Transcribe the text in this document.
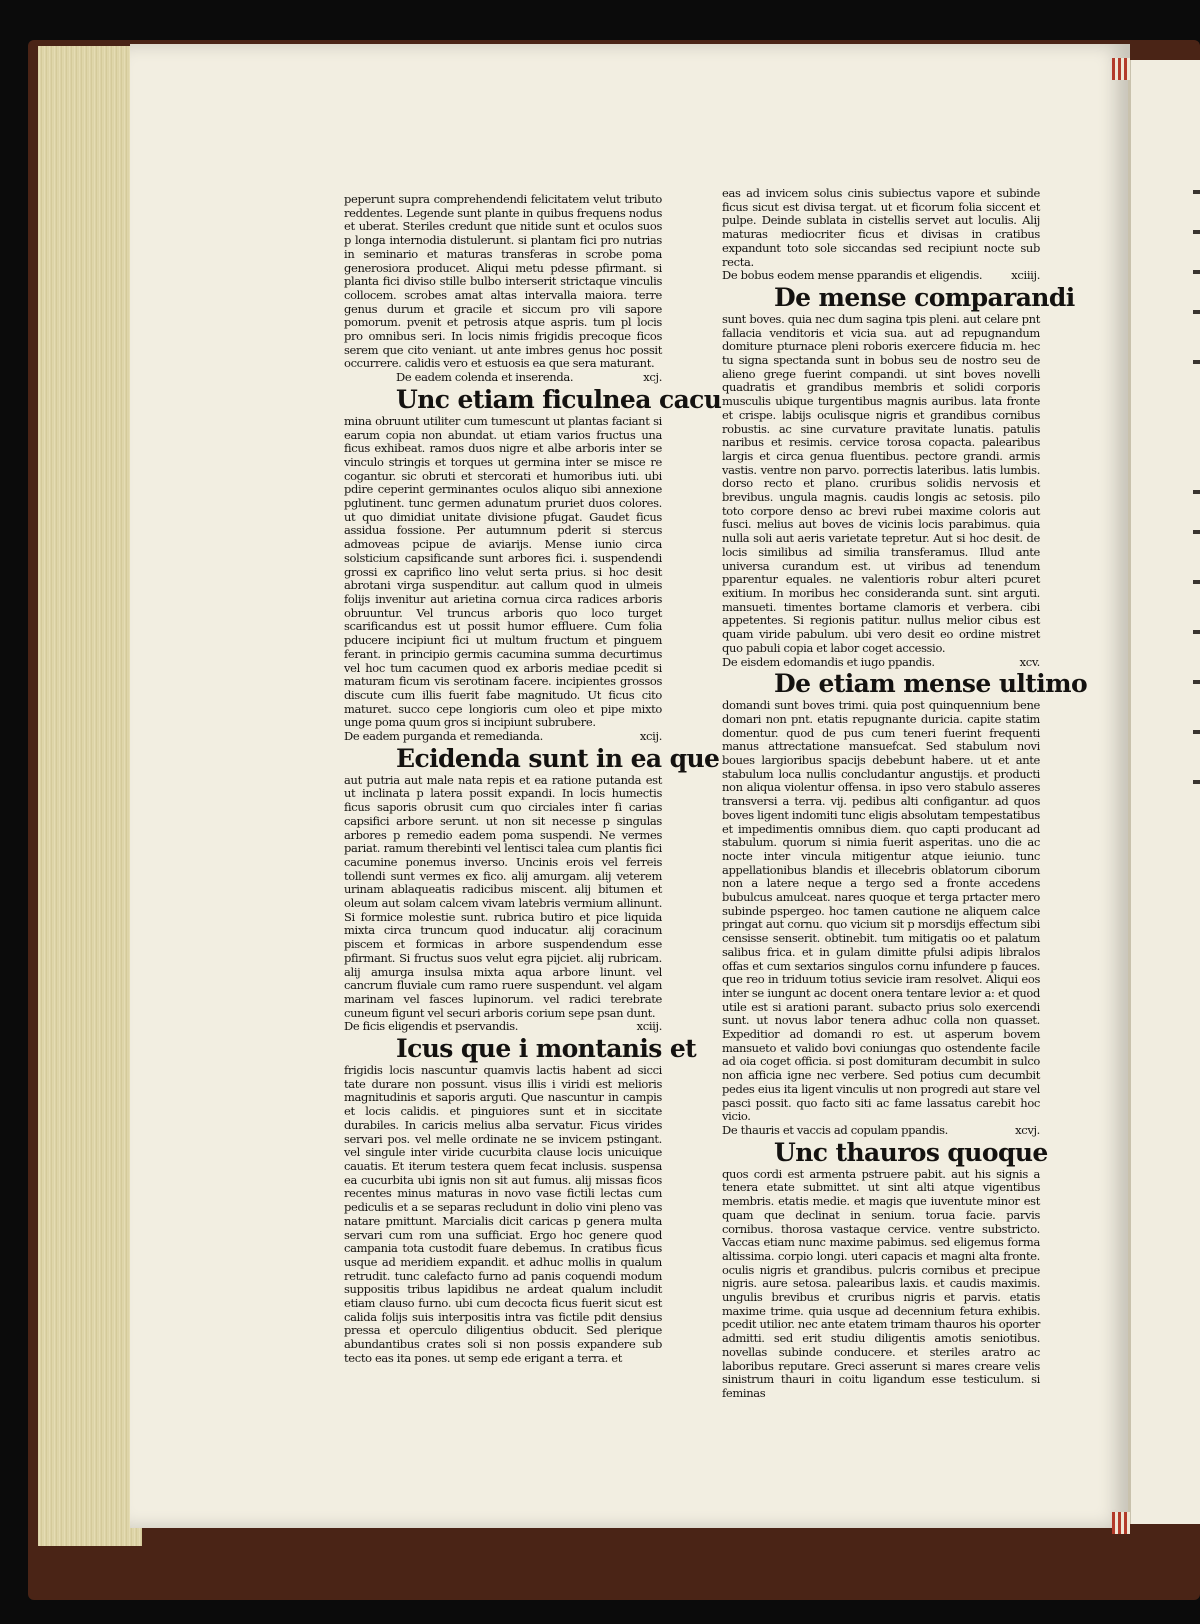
peperunt supra comprehendendi felicitatem velut tributo reddentes. Legende sunt plante in quibus frequens nodus et uberat. Steriles credunt que nitide sunt et oculos suos p longa internodia distulerunt. si plantam fici pro nutrias in seminario et maturas transferas in scrobe poma generosiora producet. Aliqui metu pdesse pfirmant. si planta fici diviso stille bulbo interserit strictaque vinculis collocem. scrobes amat altas intervalla maiora. terre genus durum et gracile et siccum pro vili sapore pomorum. pvenit et petrosis atque aspris. tum pl locis pro omnibus seri. In locis nimis frigidis precoque ficos serem que cito veniant. ut ante imbres genus hoc possit occurrere. calidis vero et estuosis ea que sera maturant.

De eadem colenda et inserenda.	xcj.

Unc etiam ficulnea cacu

mina obruunt utiliter cum tumescunt ut plantas faciant si earum copia non abundat. ut etiam varios fructus una ficus exhibeat. ramos duos nigre et albe arboris inter se vinculo stringis et torques ut germina inter se misce re cogantur. sic obruti et stercorati et humoribus iuti. ubi pdire ceperint germinantes oculos aliquo sibi annexione pglutinent. tunc germen adunatum pruriet duos colores. ut quo dimidiat unitate divisione pfugat. Gaudet ficus assidua fossione. Per autumnum pderit si stercus admoveas pcipue de aviarijs. Mense iunio circa solsticium capsificande sunt arbores fici. i. suspendendi grossi ex caprifico lino velut serta prius. si hoc desit abrotani virga suspenditur. aut callum quod in ulmeis folijs invenitur aut arietina cornua circa radices arboris obruuntur. Vel truncus arboris quo loco turget scarificandus est ut possit humor effluere. Cum folia pducere incipiunt fici ut multum fructum et pinguem ferant. in principio germis cacumina summa decurtimus vel hoc tum cacumen quod ex arboris mediae pcedit si maturam ficum vis serotinam facere. incipientes grossos discute cum illis fuerit fabe magnitudo. Ut ficus cito maturet. succo cepe longioris cum oleo et pipe mixto unge poma quum gros si incipiunt subrubere.

De eadem purganda et remedianda.	xcij.

Ecidenda sunt in ea que

aut putria aut male nata repis et ea ratione putanda est ut inclinata p latera possit expandi. In locis humectis ficus saporis obrusit cum quo circiales inter fi carias capsifici arbore serunt. ut non sit necesse p singulas arbores p remedio eadem poma suspendi. Ne vermes pariat. ramum therebinti vel lentisci talea cum plantis fici cacumine ponemus inverso. Uncinis erois vel ferreis tollendi sunt vermes ex fico. alij amurgam. alij veterem urinam ablaqueatis radicibus miscent. alij bitumen et oleum aut solam calcem vivam latebris vermium allinunt. Si formice molestie sunt. rubrica butiro et pice liquida mixta circa truncum quod inducatur. alij coracinum piscem et formicas in arbore suspendendum esse pfirmant. Si fructus suos velut egra pijciet. alij rubricam. alij amurga insulsa mixta aqua arbore linunt. vel cancrum fluviale cum ramo ruere suspendunt. vel algam marinam vel fasces lupinorum. vel radici terebrate cuneum figunt vel securi arboris corium sepe psan dunt.

De ficis eligendis et pservandis.	xciij.

Icus que i montanis et

frigidis locis nascuntur quamvis lactis habent ad sicci tate durare non possunt. visus illis i viridi est melioris magnitudinis et saporis arguti. Que nascuntur in campis et locis calidis. et pinguiores sunt et in siccitate durabiles. In caricis melius alba servatur. Ficus virides servari pos. vel melle ordinate ne se invicem pstingant. vel singule inter viride cucurbita clause locis unicuique cauatis. Et iterum testera quem fecat inclusis. suspensa ea cucurbita ubi ignis non sit aut fumus. alij missas ficos recentes minus maturas in novo vase fictili lectas cum pediculis et a se separas recludunt in dolio vini pleno vas natare pmittunt. Marcialis dicit caricas p genera multa servari cum rom una sufficiat. Ergo hoc genere quod campania tota custodit fuare debemus. In cratibus ficus usque ad meridiem expandit. et adhuc mollis in qualum retrudit. tunc calefacto furno ad panis coquendi modum suppositis tribus lapidibus ne ardeat qualum includit etiam clauso furno. ubi cum decocta ficus fuerit sicut est calida folijs suis interpositis intra vas fictile pdit densius pressa et operculo diligentius obducit. Sed plerique abundantibus crates soli si non possis expandere sub tecto eas ita pones. ut semp ede erigant a terra. et

eas ad invicem solus cinis subiectus vapore et subinde ficus sicut est divisa tergat. ut et ficorum folia siccent et pulpe. Deinde sublata in cistellis servet aut loculis. Alij maturas mediocriter ficus et divisas in cratibus expandunt toto sole siccandas sed recipiunt nocte sub recta.

De bobus eodem mense pparandis et eligendis.	xciiij.

De mense comparandi

sunt boves. quia nec dum sagina tpis pleni. aut celare pnt fallacia venditoris et vicia sua. aut ad repugnandum domiture pturnace pleni roboris exercere fiducia m. hec tu signa spectanda sunt in bobus seu de nostro seu de alieno grege fuerint compandi. ut sint boves novelli quadratis et grandibus membris et solidi corporis musculis ubique turgentibus magnis auribus. lata fronte et crispe. labijs oculisque nigris et grandibus cornibus robustis. ac sine curvature pravitate lunatis. patulis naribus et resimis. cervice torosa copacta. palearibus largis et circa genua fluentibus. pectore grandi. armis vastis. ventre non parvo. porrectis lateribus. latis lumbis. dorso recto et plano. cruribus solidis nervosis et brevibus. ungula magnis. caudis longis ac setosis. pilo toto corpore denso ac brevi rubei maxime coloris aut fusci. melius aut boves de vicinis locis parabimus. quia nulla soli aut aeris varietate tepretur. Aut si hoc desit. de locis similibus ad similia transferamus. Illud ante universa curandum est. ut viribus ad tenendum pparentur equales. ne valentioris robur alteri pcuret exitium. In moribus hec consideranda sunt. sint arguti. mansueti. timentes bortame clamoris et verbera. cibi appetentes. Si regionis patitur. nullus melior cibus est quam viride pabulum. ubi vero desit eo ordine mistret quo pabuli copia et labor coget accessio.

De eisdem edomandis et iugo ppandis.	xcv.

De etiam mense ultimo

domandi sunt boves trimi. quia post quinquennium bene domari non pnt. etatis repugnante duricia. capite statim domentur. quod de pus cum teneri fuerint frequenti manus attrectatione mansuefcat. Sed stabulum novi boues largioribus spacijs debebunt habere. ut et ante stabulum loca nullis concludantur angustijs. et producti non aliqua violentur offensa. in ipso vero stabulo asseres transversi a terra. vij. pedibus alti configantur. ad quos boves ligent indomiti tunc eligis absolutam tempestatibus et impedimentis omnibus diem. quo capti producant ad stabulum. quorum si nimia fuerit asperitas. uno die ac nocte inter vincula mitigentur atque ieiunio. tunc appellationibus blandis et illecebris oblatorum ciborum non a latere neque a tergo sed a fronte accedens bubulcus amulceat. nares quoque et terga prtacter mero subinde pspergeo. hoc tamen cautione ne aliquem calce pringat aut cornu. quo vicium sit p morsdijs effectum sibi censisse senserit. obtinebit. tum mitigatis oo et palatum salibus frica. et in gulam dimitte pfulsi adipis libralos offas et cum sextarios singulos cornu infundere p fauces. que reo in triduum totius sevicie iram resolvet. Aliqui eos inter se iungunt ac docent onera tentare levior a: et quod utile est si arationi parant. subacto prius solo exercendi sunt. ut novus labor tenera adhuc colla non quasset. Expeditior ad domandi ro est. ut asperum bovem mansueto et valido bovi coniungas quo ostendente facile ad oia coget officia. si post domituram decumbit in sulco non afficia igne nec verbere. Sed potius cum decumbit pedes eius ita ligent vinculis ut non progredi aut stare vel pasci possit. quo facto siti ac fame lassatus carebit hoc vicio.

De thauris et vaccis ad copulam ppandis.	xcvj.

Unc thauros quoque

quos cordi est armenta pstruere pabit. aut his signis a tenera etate submittet. ut sint alti atque vigentibus membris. etatis medie. et magis que iuventute minor est quam que declinat in senium. torua facie. parvis cornibus. thorosa vastaque cervice. ventre substricto. Vaccas etiam nunc maxime pabimus. sed eligemus forma altissima. corpio longi. uteri capacis et magni alta fronte. oculis nigris et grandibus. pulcris cornibus et precipue nigris. aure setosa. palearibus laxis. et caudis maximis. ungulis brevibus et cruribus nigris et parvis. etatis maxime trime. quia usque ad decennium fetura exhibis. pcedit utilior. nec ante etatem trimam thauros his oporter admitti. sed erit studiu diligentis amotis seniotibus. novellas subinde conducere. et steriles aratro ac laboribus reputare. Greci asserunt si mares creare velis sinistrum thauri in coitu ligandum esse testiculum. si feminas
